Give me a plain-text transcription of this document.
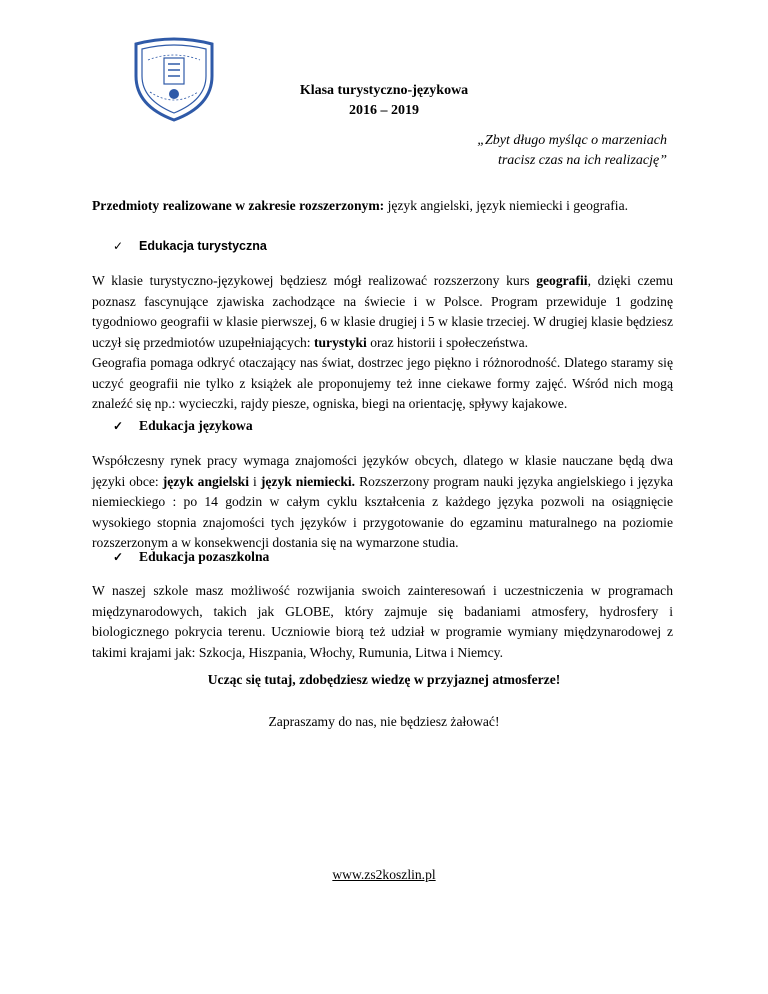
Klasa turystyczno-językowa
2016 – 2019
„Zbyt długo myśląc o marzeniach
tracisz czas na ich realizację”
Przedmioty realizowane w zakresie rozszerzonym: język angielski, język niemiecki i geografia.
✓	Edukacja turystyczna

W klasie turystyczno-językowej będziesz mógł realizować rozszerzony kurs geografii, dzięki czemu poznasz fascynujące zjawiska zachodzące na świecie i w Polsce. Program przewiduje 1 godzinę tygodniowo geografii w klasie pierwszej, 6 w klasie drugiej i 5 w klasie trzeciej. W drugiej klasie będziesz uczył się przedmiotów uzupełniających: turystyki oraz historii i społeczeństwa.

Geografia pomaga odkryć otaczający nas świat, dostrzec jego piękno i różnorodność. Dlatego staramy się uczyć geografii nie tylko z książek ale proponujemy też inne ciekawe formy zajęć. Wśród nich mogą znaleźć się np.: wycieczki, rajdy piesze, ogniska, biegi na orientację, spływy kajakowe.

✓ Edukacja językowa

Współczesny rynek pracy wymaga znajomości języków obcych, dlatego w klasie nauczane będą dwa języki obce: język angielski i język niemiecki. Rozszerzony program nauki języka angielskiego i języka niemieckiego : po 14 godzin w całym cyklu kształcenia z każdego języka pozwoli na osiągnięcie wysokiego stopnia znajomości tych języków i przygotowanie do egzaminu maturalnego na poziomie rozszerzonym a w konsekwencji dostania się na wymarzone studia.

✓ Edukacja pozaszkolna
W naszej szkole masz możliwość rozwijania swoich zainteresowań i uczestniczenia w programach międzynarodowych, takich jak GLOBE, który zajmuje się badaniami atmosfery, hydrosfery i biologicznego pokrycia terenu. Uczniowie biorą też udział w programie wymiany międzynarodowej z takimi krajami jak: Szkocja, Hiszpania, Włochy, Rumunia, Litwa i Niemcy.
Ucząc się tutaj, zdobędziesz wiedzę w przyjaznej atmosferze!
Zapraszamy do nas, nie będziesz żałować!
www.zs2koszlin.pl
